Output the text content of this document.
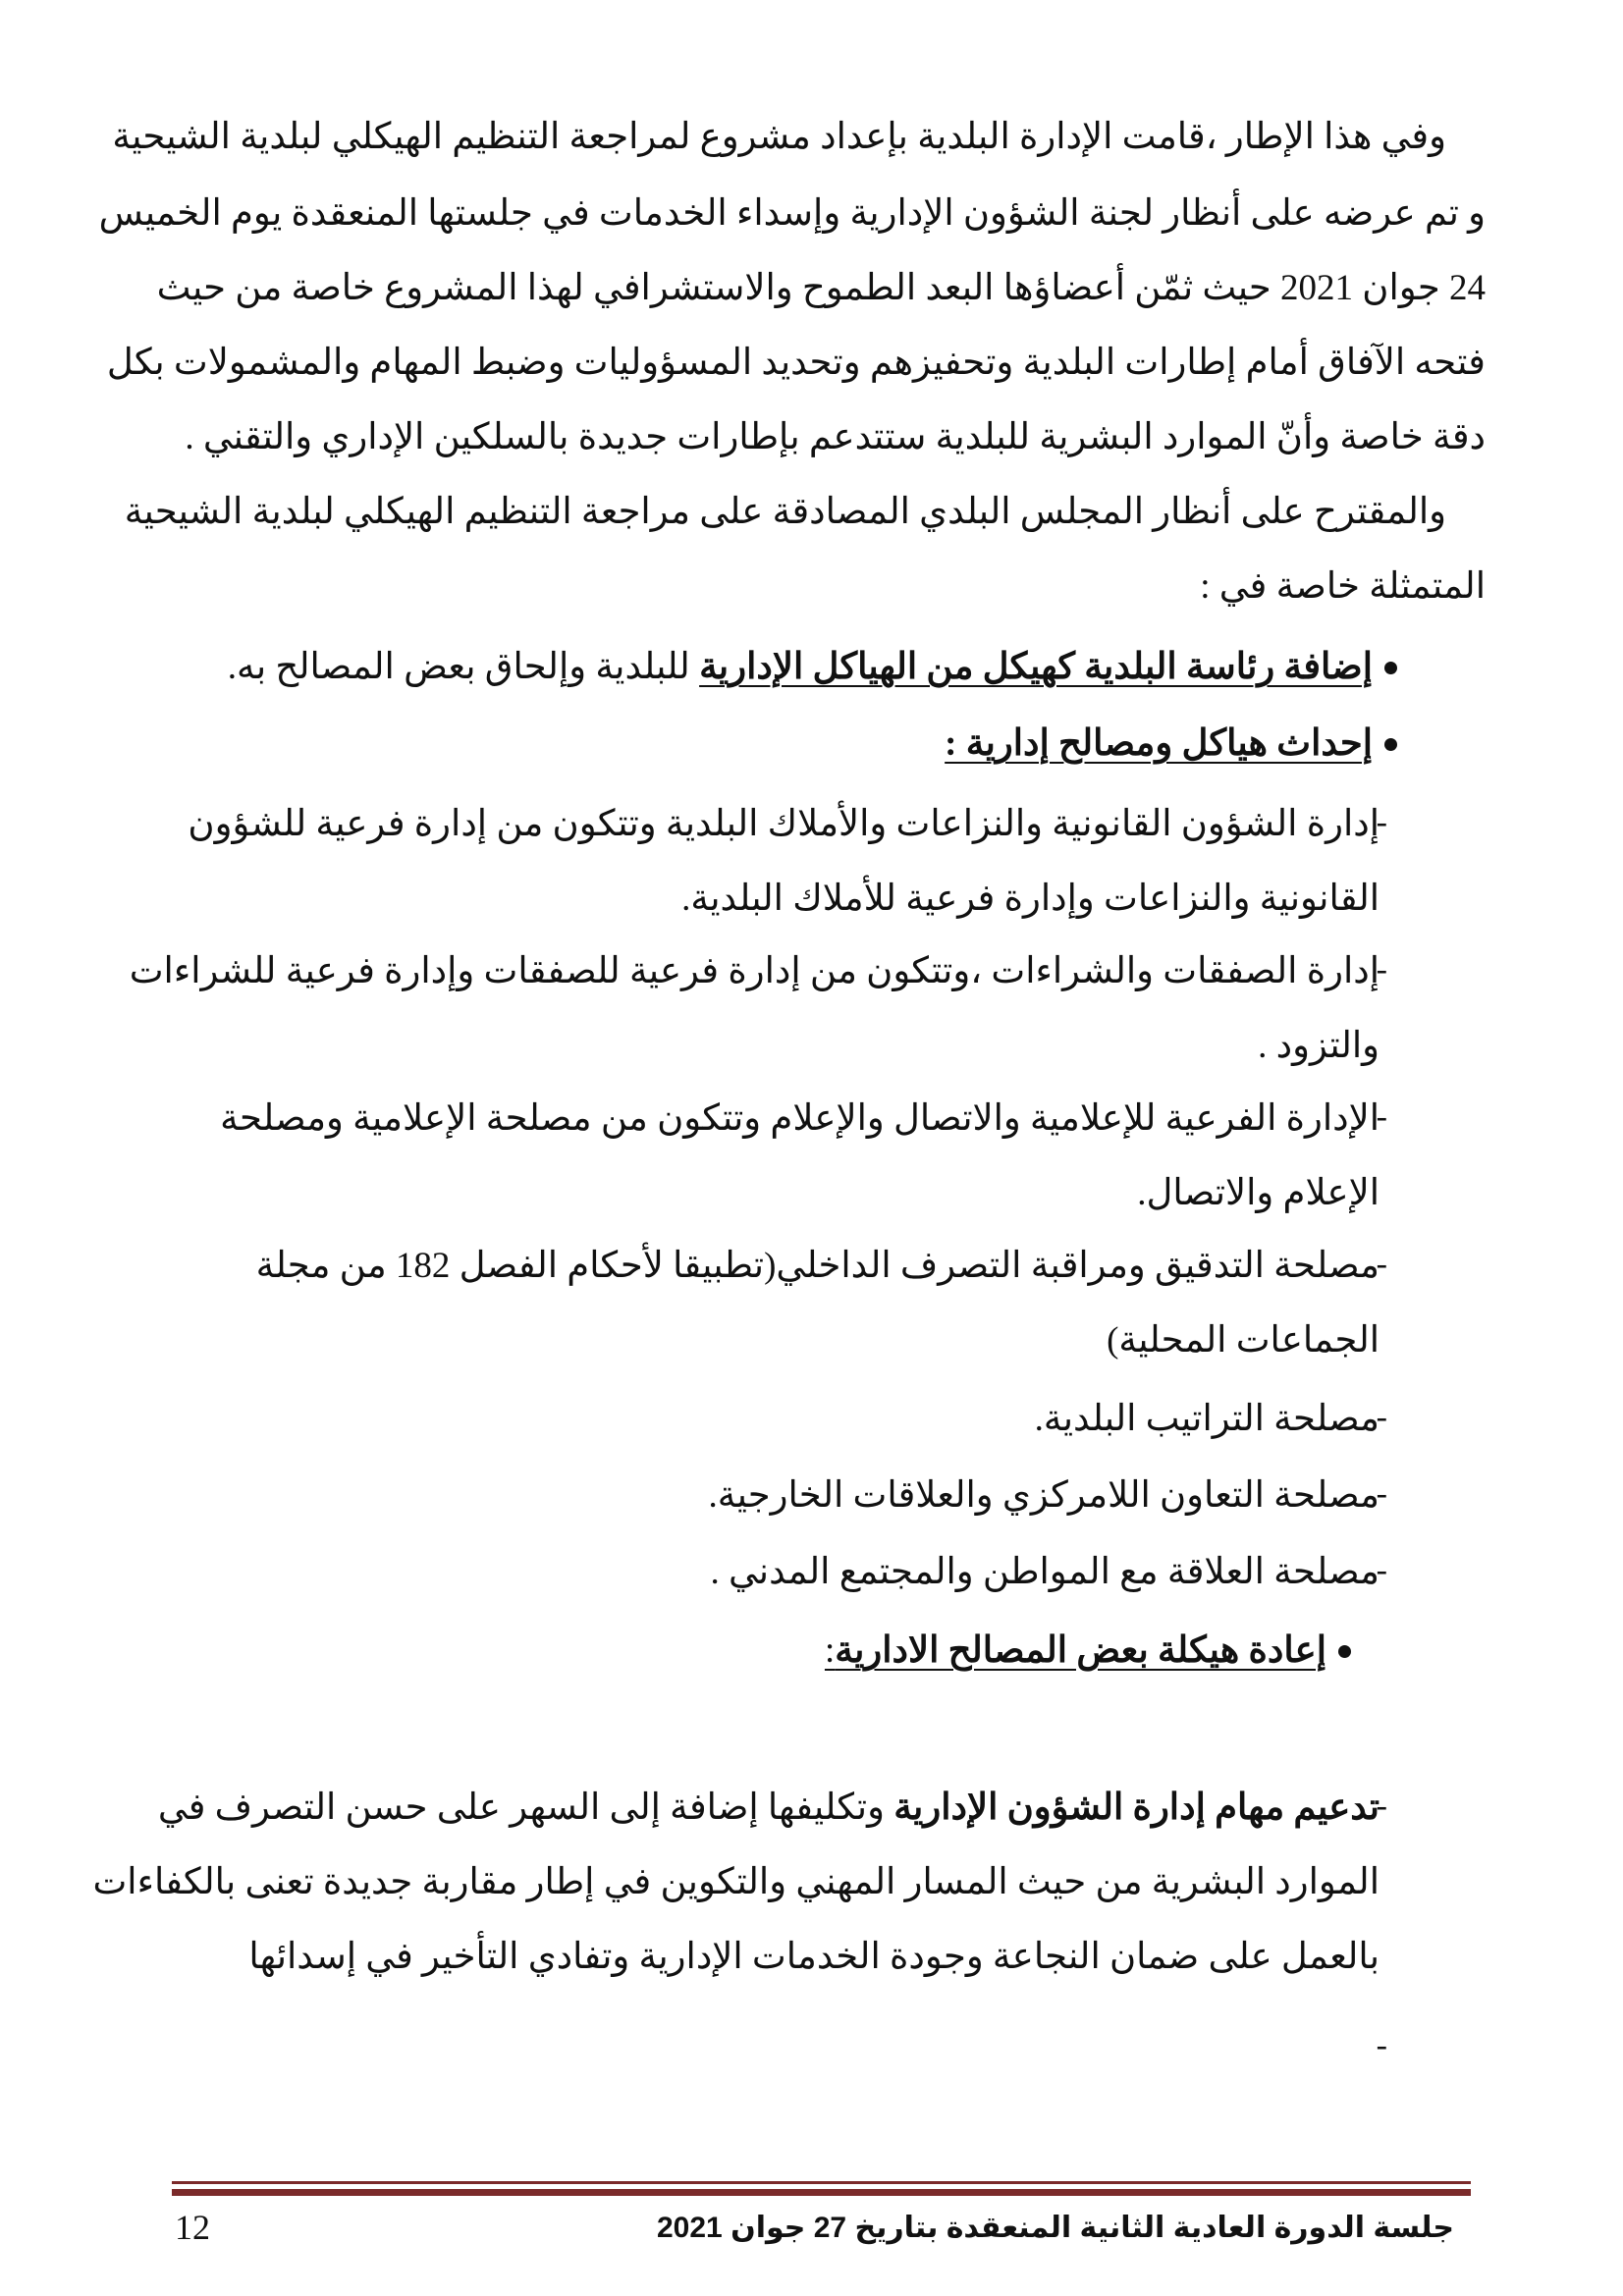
وفي هذا الإطار ،قامت الإدارة البلدية بإعداد مشروع لمراجعة التنظيم الهيكلي لبلدية الشيحية
و تم عرضه على أنظار لجنة الشؤون الإدارية وإسداء الخدمات في جلستها المنعقدة يوم الخميس
24 جوان 2021 حيث ثمّن أعضاؤها البعد الطموح والاستشرافي لهذا المشروع خاصة من حيث
فتحه الآفاق أمام إطارات البلدية وتحفيزهم وتحديد المسؤوليات وضبط المهام والمشمولات بكل
دقة خاصة وأنّ الموارد البشرية للبلدية ستتدعم بإطارات جديدة بالسلكين الإداري والتقني .
والمقترح على أنظار المجلس البلدي المصادقة على مراجعة التنظيم الهيكلي لبلدية الشيحية
المتمثلة خاصة في :
إضافة رئاسة البلدية كهيكل من الهياكل الإدارية للبلدية وإلحاق بعض المصالح به.
إحداث هياكل ومصالح إدارية :
-
إدارة الشؤون القانونية والنزاعات والأملاك البلدية وتتكون من إدارة فرعية للشؤون
القانونية والنزاعات وإدارة فرعية للأملاك البلدية.
-
إدارة الصفقات والشراءات ،وتتكون من إدارة فرعية للصفقات وإدارة فرعية للشراءات
والتزود .
-
الإدارة الفرعية للإعلامية والاتصال والإعلام وتتكون من مصلحة الإعلامية ومصلحة
الإعلام والاتصال.
-
مصلحة التدقيق ومراقبة التصرف الداخلي(تطبيقا لأحكام الفصل 182 من مجلة
الجماعات المحلية)
-
مصلحة التراتيب البلدية.
-
مصلحة التعاون اللامركزي والعلاقات الخارجية.
-
مصلحة العلاقة مع المواطن والمجتمع المدني .
إعادة هيكلة بعض المصالح الادارية:
-
تدعيم مهام إدارة الشؤون الإدارية وتكليفها إضافة إلى السهر على حسن التصرف في
الموارد البشرية من حيث المسار المهني والتكوين في إطار مقاربة جديدة تعنى بالكفاءات
بالعمل على ضمان النجاعة وجودة الخدمات الإدارية وتفادي التأخير في إسدائها
-
جلسة الدورة العادية الثانية المنعقدة بتاريخ 27 جوان 2021
12
